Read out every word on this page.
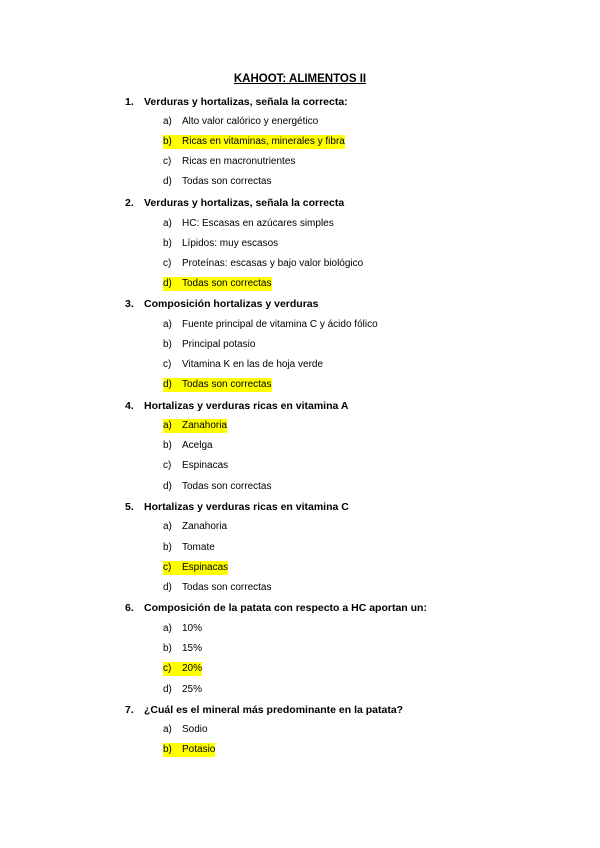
KAHOOT: ALIMENTOS II
1. Verduras y hortalizas, señala la correcta:
a) Alto valor calórico y energético
b) Ricas en vitaminas, minerales y fibra
c) Ricas en macronutrientes
d) Todas son correctas
2. Verduras y hortalizas, señala la correcta
a) HC: Escasas en azúcares simples
b) Lípidos: muy escasos
c) Proteínas: escasas y bajo valor biológico
d) Todas son correctas
3. Composición hortalizas y verduras
a) Fuente principal de vitamina C y ácido fólico
b) Principal potasio
c) Vitamina K en las de hoja verde
d) Todas son correctas
4. Hortalizas y verduras ricas en vitamina A
a) Zanahoria
b) Acelga
c) Espinacas
d) Todas son correctas
5. Hortalizas y verduras ricas en vitamina C
a) Zanahoria
b) Tomate
c) Espinacas
d) Todas son correctas
6. Composición de la patata con respecto a HC aportan un:
a) 10%
b) 15%
c) 20%
d) 25%
7. ¿Cuál es el mineral más predominante en la patata?
a) Sodio
b) Potasio
